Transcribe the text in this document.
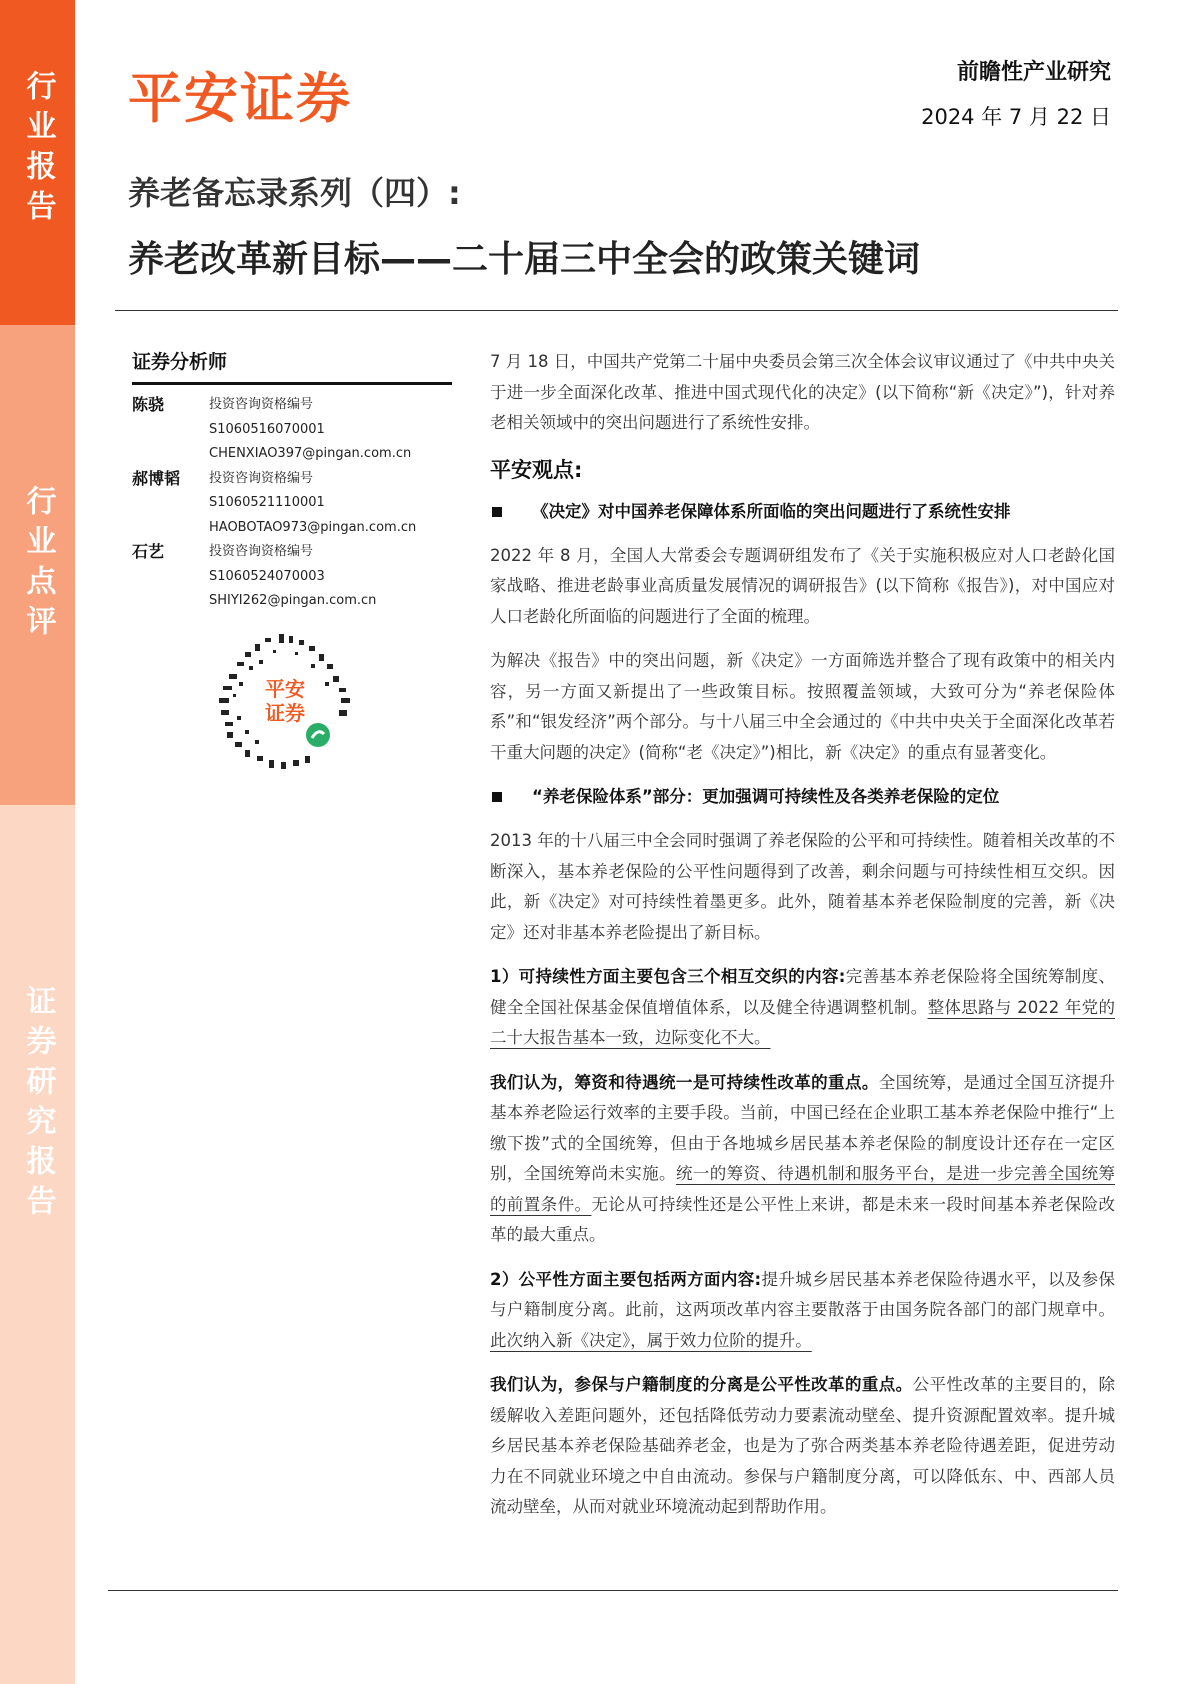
行业报告
行业点评
证券研究报告
平安证券	前瞻性产业研究
2024 年 7 月 22 日
养老备忘录系列（四）:
养老改革新目标——二十届三中全会的政策关键词
证券分析师
陈骁	投资咨询资格编号
S1060516070001
CHENXIAO397@pingan.com.cn
郝博韬	投资咨询资格编号
S1060521110001
HAOBOTAO973@pingan.com.cn
石艺	投资咨询资格编号
S1060524070003
SHIYI262@pingan.com.cn
平安
证券

7 月 18 日，中国共产党第二十届中央委员会第三次全体会议审议通过了《中共中央关于进一步全面深化改革、推进中国式现代化的决定》(以下简称“新《决定》”)，针对养老相关领域中的突出问题进行了系统性安排。

平安观点:
《决定》对中国养老保障体系所面临的突出问题进行了系统性安排

2022 年 8 月，全国人大常委会专题调研组发布了《关于实施积极应对人口老龄化国家战略、推进老龄事业高质量发展情况的调研报告》(以下简称《报告》)，对中国应对人口老龄化所面临的问题进行了全面的梳理。

为解决《报告》中的突出问题，新《决定》一方面筛选并整合了现有政策中的相关内容，另一方面又新提出了一些政策目标。按照覆盖领域，大致可分为“养老保险体系”和“银发经济”两个部分。与十八届三中全会通过的《中共中央关于全面深化改革若干重大问题的决定》(简称“老《决定》”)相比，新《决定》的重点有显著变化。

“养老保险体系”部分：更加强调可持续性及各类养老保险的定位

2013 年的十八届三中全会同时强调了养老保险的公平和可持续性。随着相关改革的不断深入，基本养老保险的公平性问题得到了改善，剩余问题与可持续性相互交织。因此，新《决定》对可持续性着墨更多。此外，随着基本养老保险制度的完善，新《决定》还对非基本养老险提出了新目标。

1）可持续性方面主要包含三个相互交织的内容:完善基本养老保险将全国统筹制度、健全全国社保基金保值增值体系，以及健全待遇调整机制。整体思路与 2022 年党的二十大报告基本一致，边际变化不大。

我们认为，筹资和待遇统一是可持续性改革的重点。全国统筹，是通过全国互济提升基本养老险运行效率的主要手段。当前，中国已经在企业职工基本养老保险中推行“上缴下拨”式的全国统筹，但由于各地城乡居民基本养老保险的制度设计还存在一定区别，全国统筹尚未实施。统一的筹资、待遇机制和服务平台，是进一步完善全国统筹的前置条件。无论从可持续性还是公平性上来讲，都是未来一段时间基本养老保险改革的最大重点。

2）公平性方面主要包括两方面内容:提升城乡居民基本养老保险待遇水平，以及参保与户籍制度分离。此前，这两项改革内容主要散落于由国务院各部门的部门规章中。此次纳入新《决定》，属于效力位阶的提升。

我们认为，参保与户籍制度的分离是公平性改革的重点。公平性改革的主要目的，除缓解收入差距问题外，还包括降低劳动力要素流动壁垒、提升资源配置效率。提升城乡居民基本养老保险基础养老金，也是为了弥合两类基本养老险待遇差距，促进劳动力在不同就业环境之中自由流动。参保与户籍制度分离，可以降低东、中、西部人员流动壁垒，从而对就业环境流动起到帮助作用。
